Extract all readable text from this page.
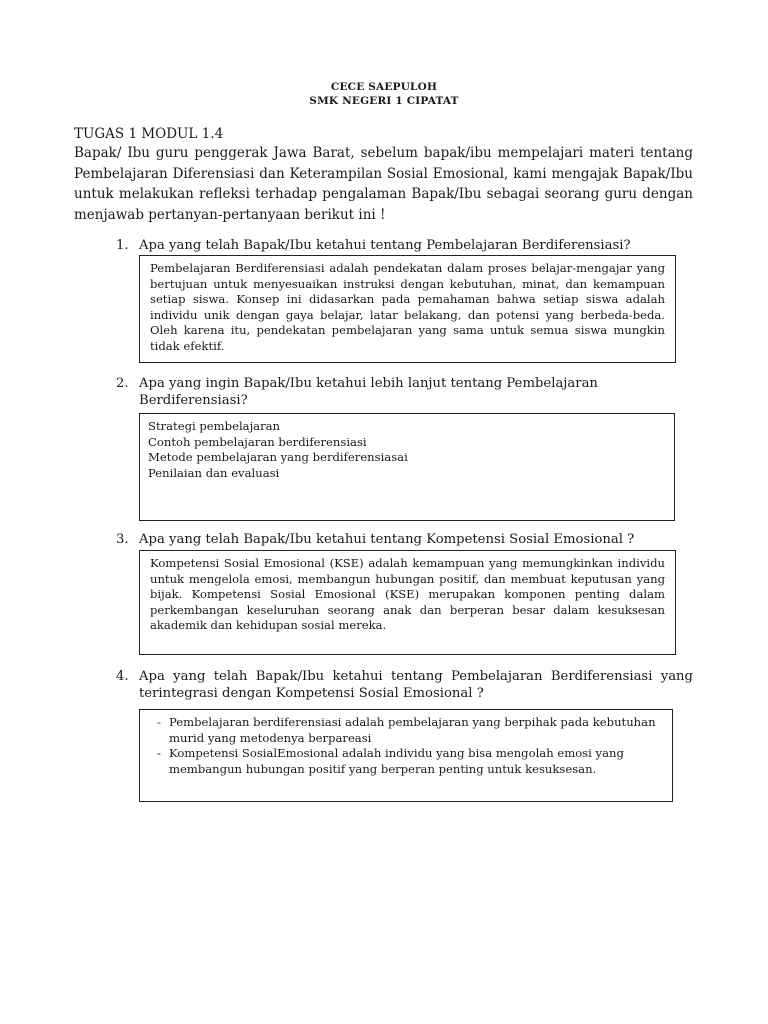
CECE SAEPULOH
SMK NEGERI 1 CIPATAT
TUGAS 1 MODUL 1.4

Bapak/ Ibu guru penggerak Jawa Barat, sebelum bapak/ibu mempelajari materi tentang Pembelajaran Diferensiasi dan Keterampilan Sosial Emosional, kami mengajak Bapak/Ibu untuk melakukan refleksi terhadap pengalaman Bapak/Ibu sebagai seorang guru dengan menjawab pertanyan-pertanyaan berikut ini !

1. Apa yang telah Bapak/Ibu ketahui tentang Pembelajaran Berdiferensiasi?

Pembelajaran Berdiferensiasi adalah pendekatan dalam proses belajar-mengajar yang bertujuan untuk menyesuaikan instruksi dengan kebutuhan, minat, dan kemampuan setiap siswa. Konsep ini didasarkan pada pemahaman bahwa setiap siswa adalah individu unik dengan gaya belajar, latar belakang, dan potensi yang berbeda-beda. Oleh karena itu, pendekatan pembelajaran yang sama untuk semua siswa mungkin tidak efektif.

2. Apa yang ingin Bapak/Ibu ketahui lebih lanjut tentang Pembelajaran Berdiferensiasi?
Strategi pembelajaran
Contoh pembelajaran berdiferensiasi
Metode pembelajaran yang berdiferensiasai
Penilaian dan evaluasi
3. Apa yang telah Bapak/Ibu ketahui tentang Kompetensi Sosial Emosional ?

Kompetensi Sosial Emosional (KSE) adalah kemampuan yang memungkinkan individu untuk mengelola emosi, membangun hubungan positif, dan membuat keputusan yang bijak. Kompetensi Sosial Emosional (KSE) merupakan komponen penting dalam perkembangan keseluruhan seorang anak dan berperan besar dalam kesuksesan akademik dan kehidupan sosial mereka.

4. Apa yang telah Bapak/Ibu ketahui tentang Pembelajaran Berdiferensiasi yang terintegrasi dengan Kompetensi Sosial Emosional ?
- Pembelajaran berdiferensiasi adalah pembelajaran yang berpihak pada kebutuhan murid yang metodenya berpareasi
- Kompetensi SosialEmosional adalah individu yang bisa mengolah emosi yang membangun hubungan positif yang berperan penting untuk kesuksesan.
